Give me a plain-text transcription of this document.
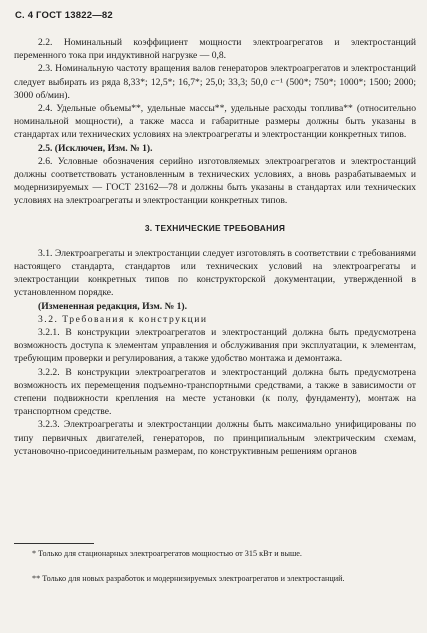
С. 4 ГОСТ 13822—82

2.2. Номинальный коэффициент мощности электроагрегатов и электростанций переменного тока при индуктивной нагрузке — 0,8.

2.3. Номинальную частоту вращения валов генераторов электроагрегатов и электростанций следует выбирать из ряда 8,33*; 12,5*; 16,7*; 25,0; 33,3; 50,0 с⁻¹ (500*; 750*; 1000*; 1500; 2000; 3000 об/мин).

2.4. Удельные объемы**, удельные массы**, удельные расходы топлива** (относительно номинальной мощности), а также масса и габаритные размеры должны быть указаны в стандартах или технических условиях на электроагрегаты и электростанции конкретных типов.

2.5. (Исключен, Изм. № 1).

2.6. Условные обозначения серийно изготовляемых электроагрегатов и электростанций должны соответствовать установленным в технических условиях, а вновь разрабатываемых и модернизируемых — ГОСТ 23162—78 и должны быть указаны в стандартах или технических условиях на электроагрегаты и электростанции конкретных типов.

3. ТЕХНИЧЕСКИЕ ТРЕБОВАНИЯ

3.1. Электроагрегаты и электростанции следует изготовлять в соответствии с требованиями настоящего стандарта, стандартов или технических условий на электроагрегаты и электростанции конкретных типов по конструкторской документации, утвержденной в установленном порядке.

(Измененная редакция, Изм. № 1).

3.2. Требования к конструкции

3.2.1. В конструкции электроагрегатов и электростанций должна быть предусмотрена возможность доступа к элементам управления и обслуживания при эксплуатации, к элементам, требующим проверки и регулирования, а также удобство монтажа и демонтажа.

3.2.2. В конструкции электроагрегатов и электростанций должна быть предусмотрена возможность их перемещения подъемно-транспортными средствами, а также в зависимости от степени подвижности крепления на месте установки (к полу, фундаменту), монтаж на транспортном средстве.

3.2.3. Электроагрегаты и электростанции должны быть максимально унифицированы по типу первичных двигателей, генераторов, по принципиальным электрическим схемам, установочно-присоединительным размерам, по конструктивным решениям органов

* Только для стационарных электроагрегатов мощностью от 315 кВт и выше.
** Только для новых разработок и модернизируемых электроагрегатов и электростанций.
